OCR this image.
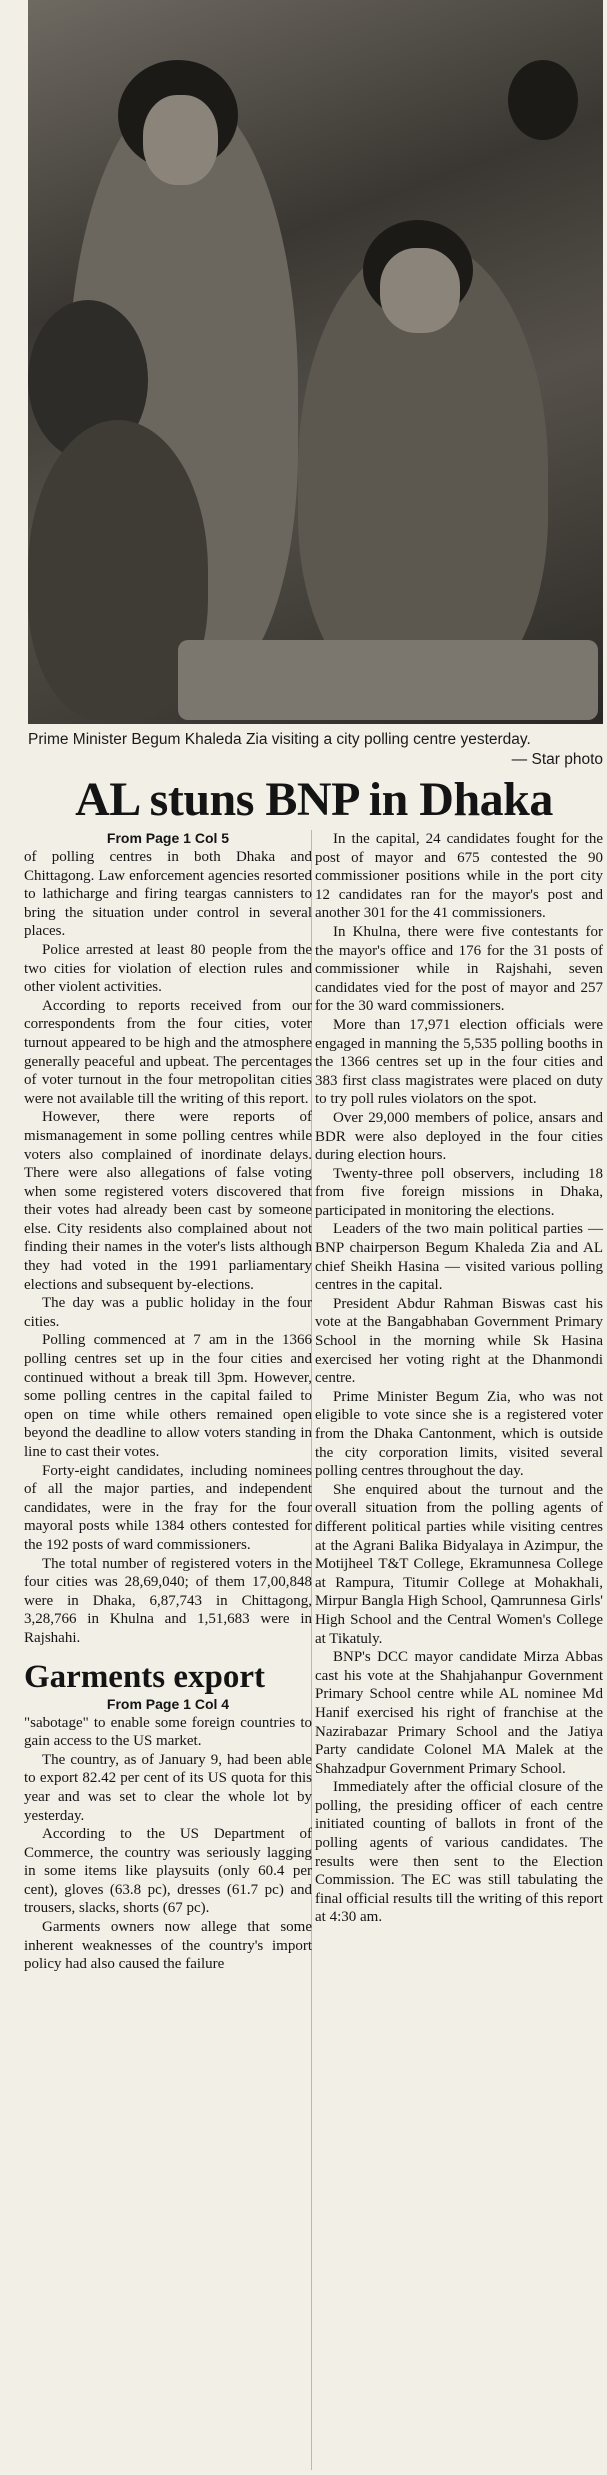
Prime Minister Begum Khaleda Zia visiting a city polling centre yesterday.
— Star photo
AL stuns BNP in Dhaka
From Page 1 Col 5

of polling centres in both Dhaka and Chittagong. Law enforcement agencies resorted to lathicharge and firing teargas cannisters to bring the situation under control in several places.

Police arrested at least 80 people from the two cities for violation of election rules and other violent activities.

According to reports received from our correspondents from the four cities, voter turnout appeared to be high and the atmosphere generally peaceful and upbeat. The percentages of voter turnout in the four metropolitan cities were not available till the writing of this report.

However, there were reports of mismanagement in some polling centres while voters also complained of inordinate delays. There were also allegations of false voting when some registered voters discovered that their votes had already been cast by someone else. City residents also complained about not finding their names in the voter's lists although they had voted in the 1991 parliamentary elections and subsequent by-elections.

The day was a public holiday in the four cities.

Polling commenced at 7 am in the 1366 polling centres set up in the four cities and continued without a break till 3pm. However, some polling centres in the capital failed to open on time while others remained open beyond the deadline to allow voters standing in line to cast their votes.

Forty-eight candidates, including nominees of all the major parties, and independent candidates, were in the fray for the four mayoral posts while 1384 others contested for the 192 posts of ward commissioners.

The total number of registered voters in the four cities was 28,69,040; of them 17,00,848 were in Dhaka, 6,87,743 in Chittagong, 3,28,766 in Khulna and 1,51,683 were in Rajshahi.

Garments export
From Page 1 Col 4

"sabotage" to enable some foreign countries to gain access to the US market.

The country, as of January 9, had been able to export 82.42 per cent of its US quota for this year and was set to clear the whole lot by yesterday.

According to the US Department of Commerce, the country was seriously lagging in some items like playsuits (only 60.4 per cent), gloves (63.8 pc), dresses (61.7 pc) and trousers, slacks, shorts (67 pc).

Garments owners now allege that some inherent weaknesses of the country's import policy had also caused the failure

In the capital, 24 candidates fought for the post of mayor and 675 contested the 90 commissioner positions while in the port city 12 candidates ran for the mayor's post and another 301 for the 41 commissioners.

In Khulna, there were five contestants for the mayor's office and 176 for the 31 posts of commissioner while in Rajshahi, seven candidates vied for the post of mayor and 257 for the 30 ward commissioners.

More than 17,971 election officials were engaged in manning the 5,535 polling booths in the 1366 centres set up in the four cities and 383 first class magistrates were placed on duty to try poll rules violators on the spot.

Over 29,000 members of police, ansars and BDR were also deployed in the four cities during election hours.

Twenty-three poll observers, including 18 from five foreign missions in Dhaka, participated in monitoring the elections.

Leaders of the two main political parties — BNP chairperson Begum Khaleda Zia and AL chief Sheikh Hasina — visited various polling centres in the capital.

President Abdur Rahman Biswas cast his vote at the Bangabhaban Government Primary School in the morning while Sk Hasina exercised her voting right at the Dhanmondi centre.

Prime Minister Begum Zia, who was not eligible to vote since she is a registered voter from the Dhaka Cantonment, which is outside the city corporation limits, visited several polling centres throughout the day.

She enquired about the turnout and the overall situation from the polling agents of different political parties while visiting centres at the Agrani Balika Bidyalaya in Azimpur, the Motijheel T&T College, Ekramunnesa College at Rampura, Titumir College at Mohakhali, Mirpur Bangla High School, Qamrunnesa Girls' High School and the Central Women's College at Tikatuly.

BNP's DCC mayor candidate Mirza Abbas cast his vote at the Shahjahanpur Government Primary School centre while AL nominee Md Hanif exercised his right of franchise at the Nazirabazar Primary School and the Jatiya Party candidate Colonel MA Malek at the Shahzadpur Government Primary School.

Immediately after the official closure of the polling, the presiding officer of each centre initiated counting of ballots in front of the polling agents of various candidates. The results were then sent to the Election Commission. The EC was still tabulating the final official results till the writing of this report at 4:30 am.
